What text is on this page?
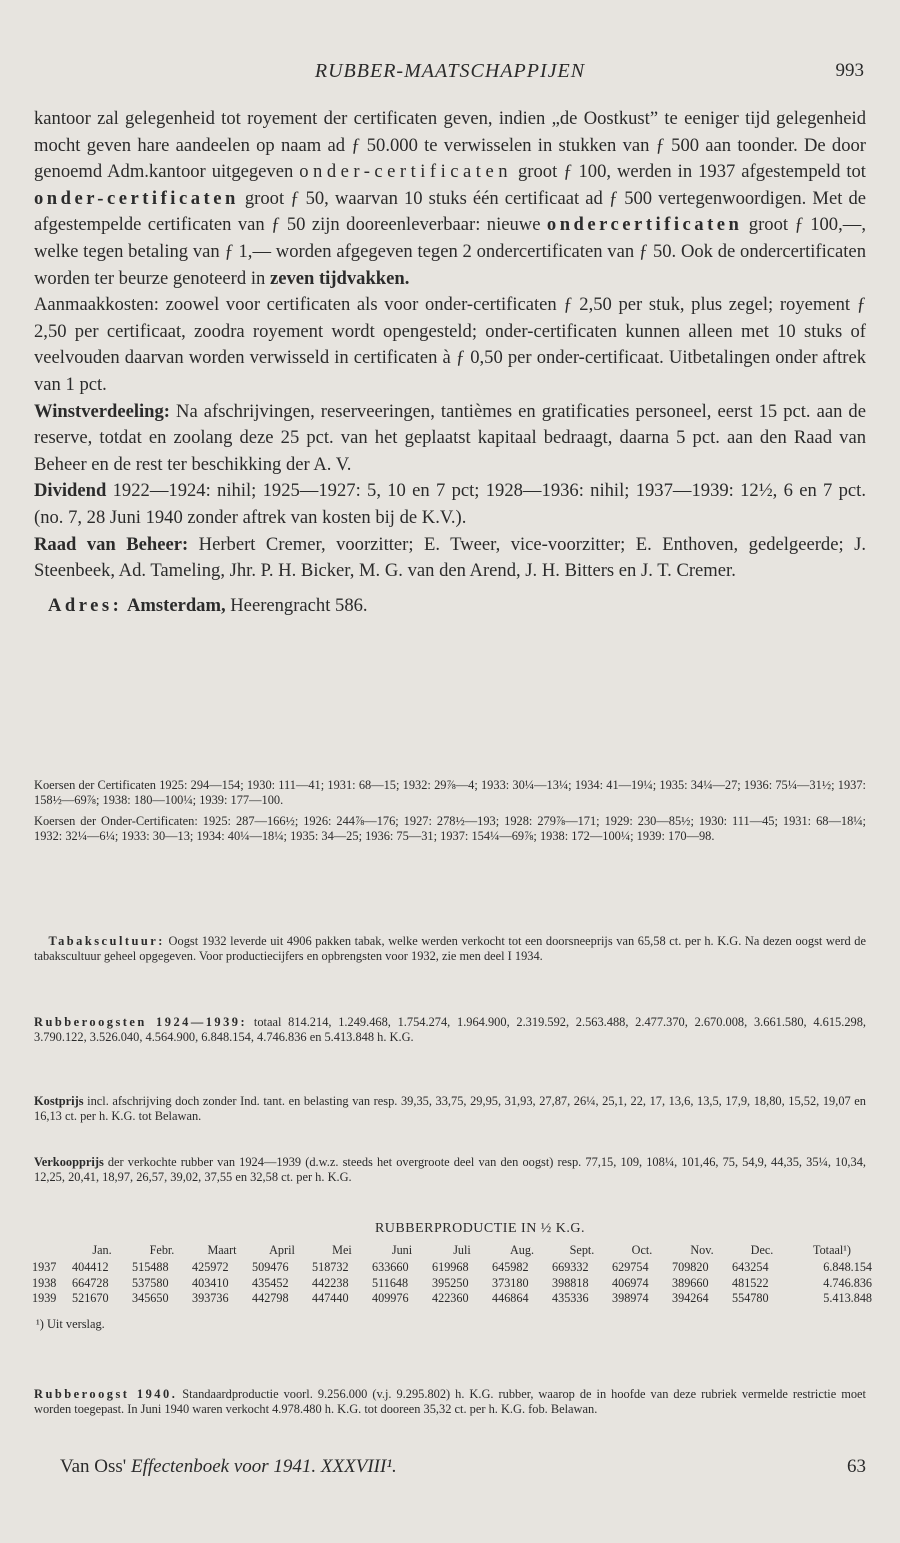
RUBBER-MAATSCHAPPIJEN	993

kantoor zal gelegenheid tot royement der certificaten geven, indien „de Oostkust” te eeniger tijd gelegenheid mocht geven hare aandeelen op naam ad ƒ 50.000 te verwisselen in stukken van ƒ 500 aan toonder. De door genoemd Adm.kantoor uitgegeven onder-certificaten groot ƒ 100, werden in 1937 afgestempeld tot onder-certificaten groot ƒ 50, waarvan 10 stuks één certificaat ad ƒ 500 vertegenwoordigen. Met de afgestempelde certificaten van ƒ 50 zijn dooreenleverbaar: nieuwe ondercertificaten groot ƒ 100,—, welke tegen betaling van ƒ 1,— worden afgegeven tegen 2 ondercertificaten van ƒ 50. Ook de ondercertificaten worden ter beurze genoteerd in zeven tijdvakken.

Aanmaakkosten: zoowel voor certificaten als voor onder-certificaten ƒ 2,50 per stuk, plus zegel; royement ƒ 2,50 per certificaat, zoodra royement wordt opengesteld; onder-certificaten kunnen alleen met 10 stuks of veelvouden daarvan worden verwisseld in certificaten à ƒ 0,50 per onder-certificaat. Uitbetalingen onder aftrek van 1 pct.

Winstverdeeling: Na afschrijvingen, reserveeringen, tantièmes en gratificaties personeel, eerst 15 pct. aan de reserve, totdat en zoolang deze 25 pct. van het geplaatst kapitaal bedraagt, daarna 5 pct. aan den Raad van Beheer en de rest ter beschikking der A. V.

Dividend 1922—1924: nihil; 1925—1927: 5, 10 en 7 pct; 1928—1936: nihil; 1937—1939: 12½, 6 en 7 pct. (no. 7, 28 Juni 1940 zonder aftrek van kosten bij de K.V.).

Raad van Beheer: Herbert Cremer, voorzitter; E. Tweer, vice-voorzitter; E. Enthoven, gedelgeerde; J. Steenbeek, Ad. Tameling, Jhr. P. H. Bicker, M. G. van den Arend, J. H. Bitters en J. T. Cremer.

Adres: Amsterdam, Heerengracht 586.

Koersen der Certificaten 1925: 294—154; 1930: 111—41; 1931: 68—15; 1932: 29⅞—4; 1933: 30¼—13¼; 1934: 41—19¼; 1935: 34¼—27; 1936: 75¼—31½; 1937: 158½—69⅞; 1938: 180—100¼; 1939: 177—100.

Koersen der Onder-Certificaten: 1925: 287—166½; 1926: 244⅞—176; 1927: 278½—193; 1928: 279⅞—171; 1929: 230—85½; 1930: 111—45; 1931: 68—18¼; 1932: 32¼—6¼; 1933: 30—13; 1934: 40¼—18¼; 1935: 34—25; 1936: 75—31; 1937: 154¼—69⅞; 1938: 172—100¼; 1939: 170—98.

Tabakscultuur: Oogst 1932 leverde uit 4906 pakken tabak, welke werden verkocht tot een doorsneeprijs van 65,58 ct. per h. K.G. Na dezen oogst werd de tabakscultuur geheel opgegeven. Voor productiecijfers en opbrengsten voor 1932, zie men deel I 1934.

Rubberoogsten 1924—1939: totaal 814.214, 1.249.468, 1.754.274, 1.964.900, 2.319.592, 2.563.488, 2.477.370, 2.670.008, 3.661.580, 4.615.298, 3.790.122, 3.526.040, 4.564.900, 6.848.154, 4.746.836 en 5.413.848 h. K.G.

Kostprijs incl. afschrijving doch zonder Ind. tant. en belasting van resp. 39,35, 33,75, 29,95, 31,93, 27,87, 26¼, 25,1, 22, 17, 13,6, 13,5, 17,9, 18,80, 15,52, 19,07 en 16,13 ct. per h. K.G. tot Belawan.

Verkoopprijs der verkochte rubber van 1924—1939 (d.w.z. steeds het overgroote deel van den oogst) resp. 77,15, 109, 108¼, 101,46, 75, 54,9, 44,35, 35¼, 10,34, 12,25, 20,41, 18,97, 26,57, 39,02, 37,55 en 32,58 ct. per h. K.G.

RUBBERPRODUCTIE IN ½ K.G.
	Jan.	Febr.	Maart	April	Mei	Juni	Juli	Aug.	Sept.	Oct.	Nov.	Dec.	Totaal¹)
1937	404412	515488	425972	509476	518732	633660	619968	645982	669332	629754	709820	643254	6.848.154
1938	664728	537580	403410	435452	442238	511648	395250	373180	398818	406974	389660	481522	4.746.836
1939	521670	345650	393736	442798	447440	409976	422360	446864	435336	398974	394264	554780	5.413.848
¹) Uit verslag.

Rubberoogst 1940. Standaardproductie voorl. 9.256.000 (v.j. 9.295.802) h. K.G. rubber, waarop de in hoofde van deze rubriek vermelde restrictie moet worden toegepast. In Juni 1940 waren verkocht 4.978.480 h. K.G. tot dooreen 35,32 ct. per h. K.G. fob. Belawan.

Van Oss' Effectenboek voor 1941. XXXVIII¹.	63
